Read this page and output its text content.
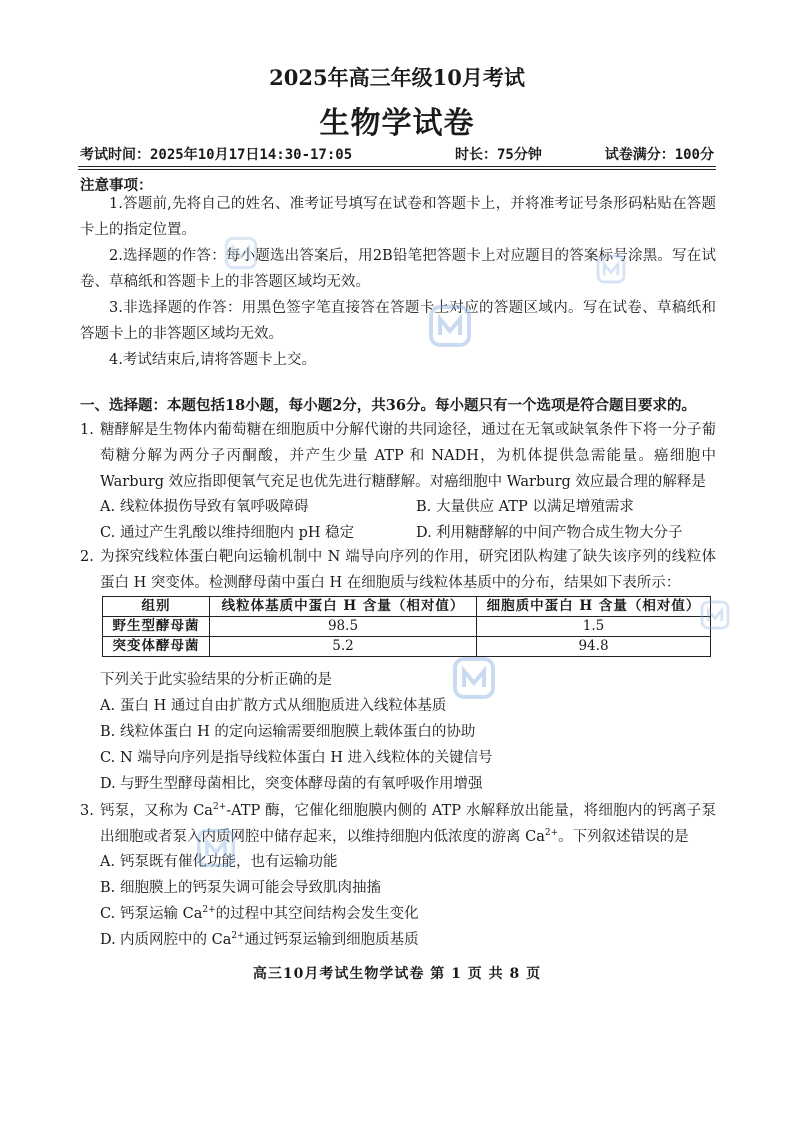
2025年高三年级10月考试
生物学试卷
考试时间：2025年10月17日14:30-17:05	时长：75分钟	试卷满分：100分
注意事项：
1.答题前,先将自己的姓名、准考证号填写在试卷和答题卡上，并将准考证号条形码粘贴在答题卡上的指定位置。
2.选择题的作答：每小题选出答案后，用2B铅笔把答题卡上对应题目的答案标号涂黑。写在试卷、草稿纸和答题卡上的非答题区域均无效。
3.非选择题的作答：用黑色签字笔直接答在答题卡上对应的答题区域内。写在试卷、草稿纸和答题卡上的非答题区域均无效。
4.考试结束后,请将答题卡上交。
一、选择题：本题包括18小题，每小题2分，共36分。每小题只有一个选项是符合题目要求的。
1. 糖酵解是生物体内葡萄糖在细胞质中分解代谢的共同途径，通过在无氧或缺氧条件下将一分子葡萄糖分解为两分子丙酮酸，并产生少量 ATP 和 NADH，为机体提供急需能量。癌细胞中 Warburg 效应指即便氧气充足也优先进行糖酵解。对癌细胞中 Warburg 效应最合理的解释是
A. 线粒体损伤导致有氧呼吸障碍	B. 大量供应 ATP 以满足增殖需求
C. 通过产生乳酸以维持细胞内 pH 稳定	D. 利用糖酵解的中间产物合成生物大分子
2. 为探究线粒体蛋白靶向运输机制中 N 端导向序列的作用，研究团队构建了缺失该序列的线粒体蛋白 H 突变体。检测酵母菌中蛋白 H 在细胞质与线粒体基质中的分布，结果如下表所示：
组别	线粒体基质中蛋白 H 含量（相对值）	细胞质中蛋白 H 含量（相对值）
野生型酵母菌	98.5	1.5
突变体酵母菌	5.2	94.8
下列关于此实验结果的分析正确的是
A. 蛋白 H 通过自由扩散方式从细胞质进入线粒体基质
B. 线粒体蛋白 H 的定向运输需要细胞膜上载体蛋白的协助
C. N 端导向序列是指导线粒体蛋白 H 进入线粒体的关键信号
D. 与野生型酵母菌相比，突变体酵母菌的有氧呼吸作用增强
3. 钙泵，又称为 $Ca^{2+}$-ATP 酶，它催化细胞膜内侧的 ATP 水解释放出能量，将细胞内的钙离子泵出细胞或者泵入内质网腔中储存起来，以维持细胞内低浓度的游离 $Ca^{2+}$。下列叙述错误的是
A. 钙泵既有催化功能，也有运输功能
B. 细胞膜上的钙泵失调可能会导致肌肉抽搐
C. 钙泵运输 $Ca^{2+}$的过程中其空间结构会发生变化
D. 内质网腔中的 $Ca^{2+}$通过钙泵运输到细胞质基质
高三10月考试生物学试卷 第 1 页 共 8 页
